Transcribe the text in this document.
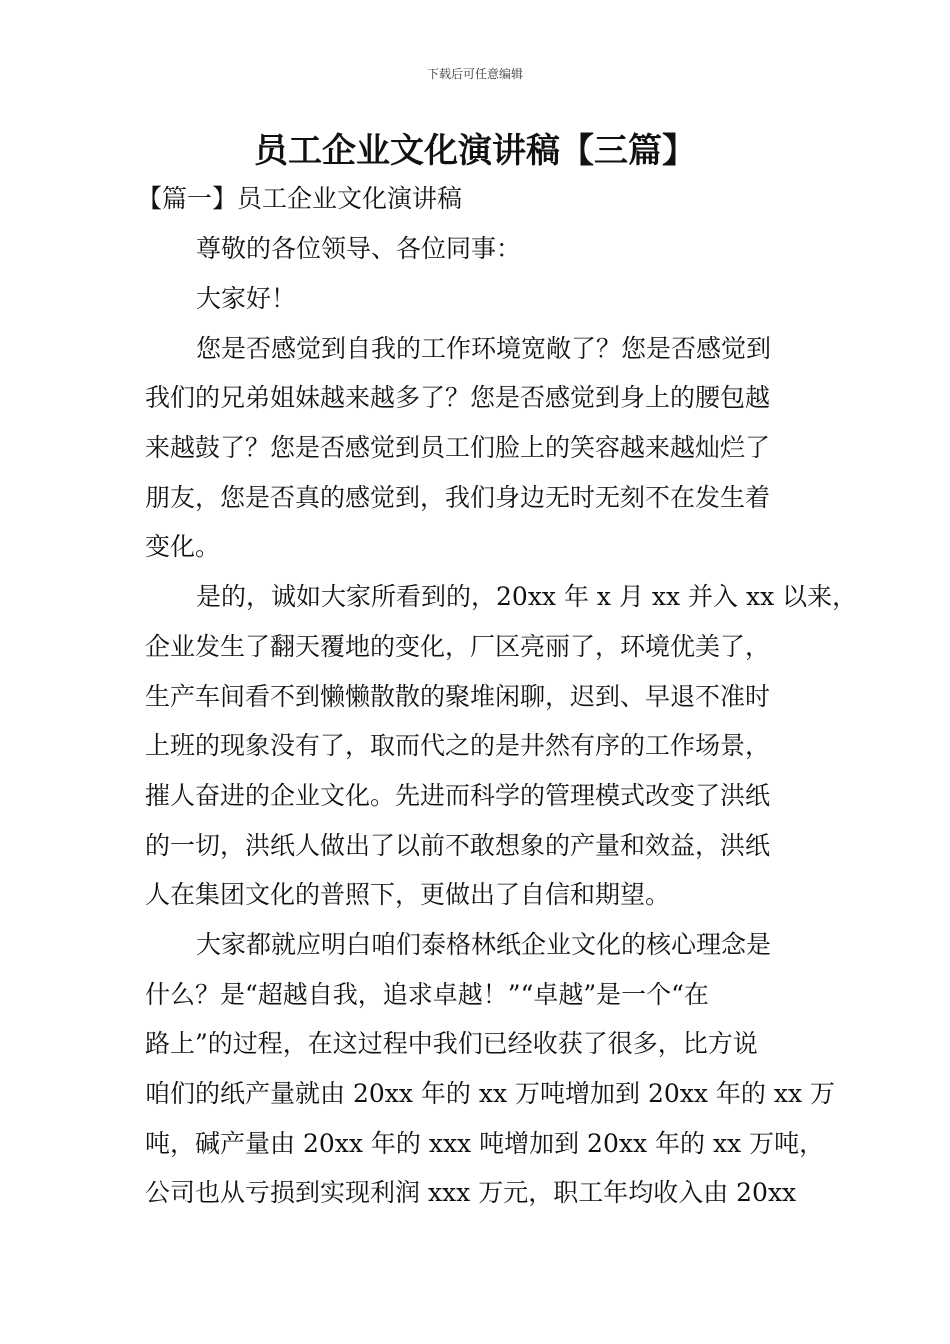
下载后可任意编辑
员工企业文化演讲稿【三篇】

【篇一】员工企业文化演讲稿

尊敬的各位领导、各位同事：

大家好！

您是否感觉到自我的工作环境宽敞了？您是否感觉到

我们的兄弟姐妹越来越多了？您是否感觉到身上的腰包越

来越鼓了？您是否感觉到员工们脸上的笑容越来越灿烂了

朋友，您是否真的感觉到，我们身边无时无刻不在发生着

变化。

是的，诚如大家所看到的，20xx 年 x 月 xx 并入 xx 以来，

企业发生了翻天覆地的变化，厂区亮丽了，环境优美了，

生产车间看不到懒懒散散的聚堆闲聊，迟到、早退不准时

上班的现象没有了，取而代之的是井然有序的工作场景，

摧人奋进的企业文化。先进而科学的管理模式改变了洪纸

的一切，洪纸人做出了以前不敢想象的产量和效益，洪纸

人在集团文化的普照下，更做出了自信和期望。

大家都就应明白咱们泰格林纸企业文化的核心理念是

什么？是“超越自我，追求卓越！”“卓越”是一个“在

路上”的过程，在这过程中我们已经收获了很多，比方说

咱们的纸产量就由 20xx 年的 xx 万吨增加到 20xx 年的 xx 万

吨，碱产量由 20xx 年的 xxx 吨增加到 20xx 年的 xx 万吨，

公司也从亏损到实现利润 xxx 万元，职工年均收入由 20xx
